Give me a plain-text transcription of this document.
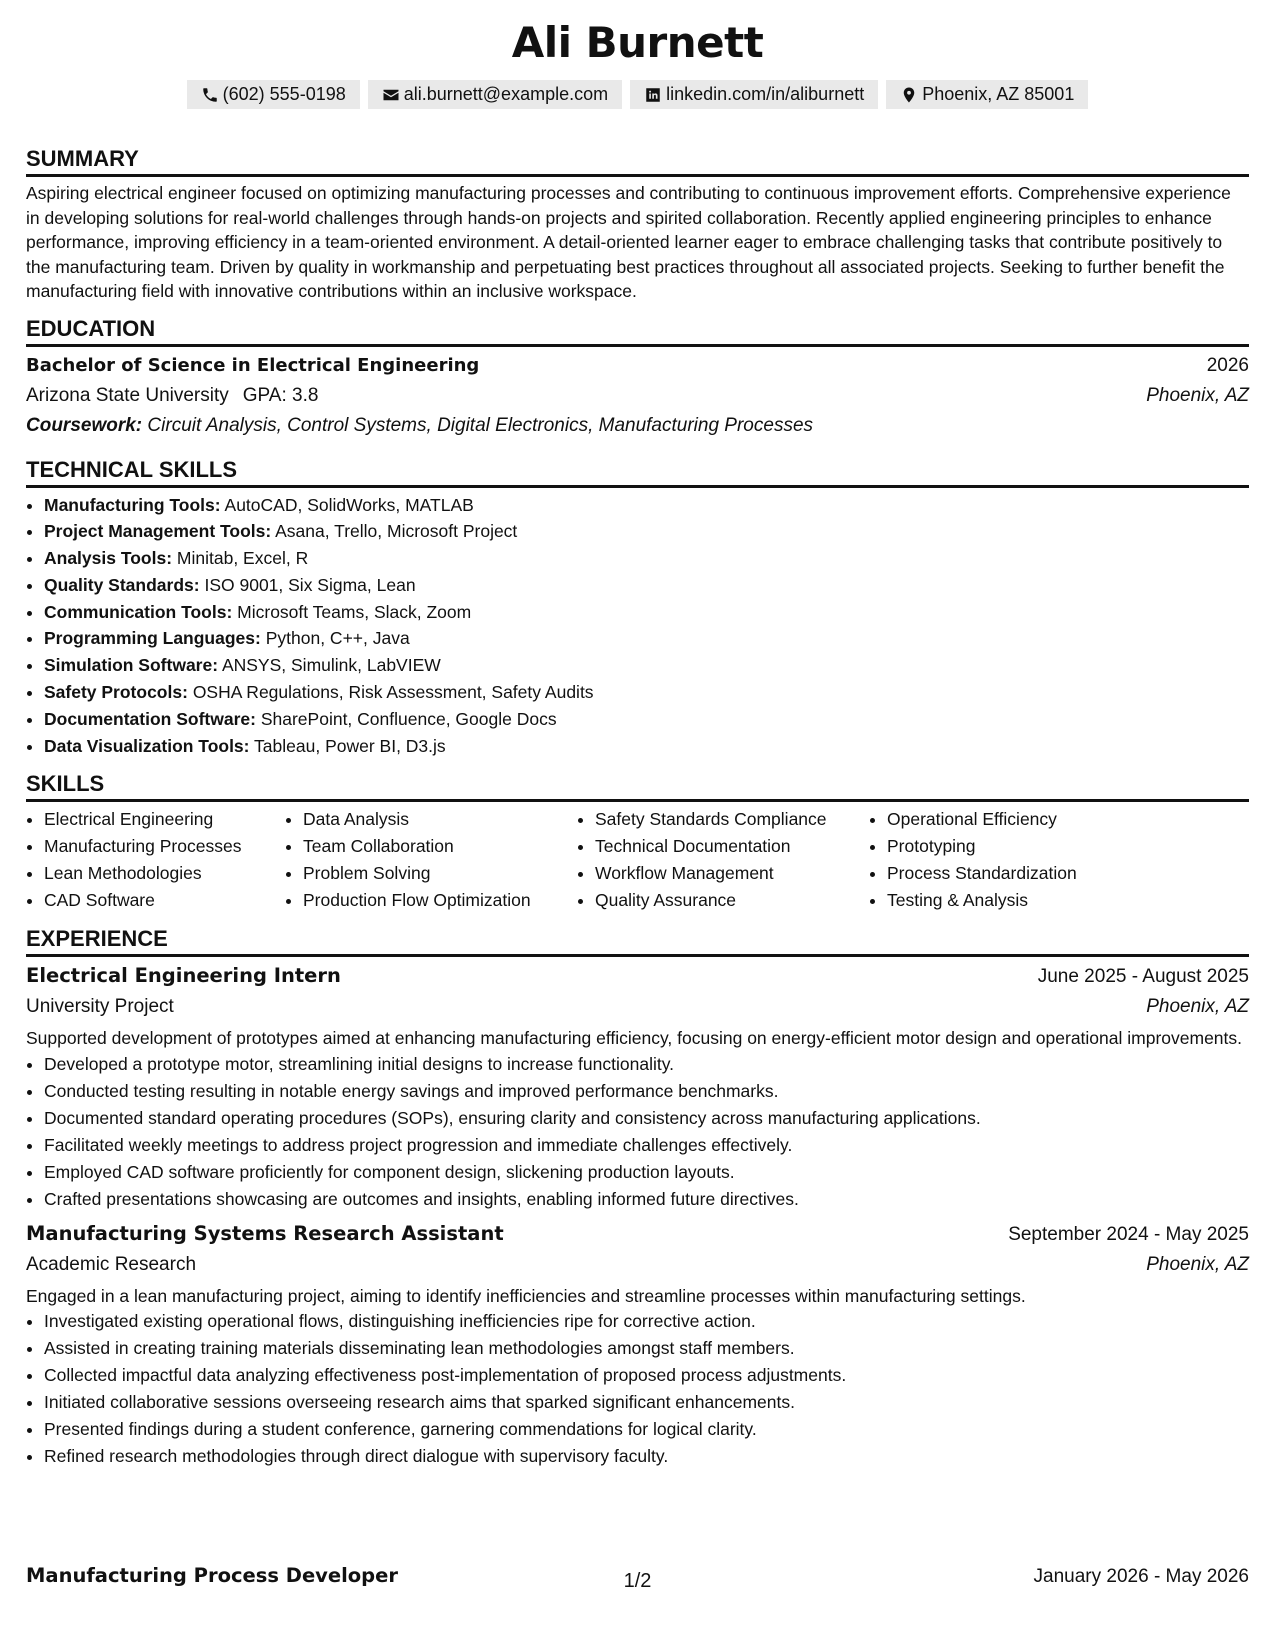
Ali Burnett
(602) 555-0198	ali.burnett@example.com	linkedin.com/in/aliburnett	Phoenix, AZ 85001
SUMMARY

Aspiring electrical engineer focused on optimizing manufacturing processes and contributing to continuous improvement efforts. Comprehensive experience in developing solutions for real-world challenges through hands-on projects and spirited collaboration. Recently applied engineering principles to enhance performance, improving efficiency in a team-oriented environment. A detail-oriented learner eager to embrace challenging tasks that contribute positively to the manufacturing team. Driven by quality in workmanship and perpetuating best practices throughout all associated projects. Seeking to further benefit the manufacturing field with innovative contributions within an inclusive workspace.

EDUCATION
Bachelor of Science in Electrical Engineering	2026
Arizona State University GPA: 3.8	Phoenix, AZ
Coursework: Circuit Analysis, Control Systems, Digital Electronics, Manufacturing Processes
TECHNICAL SKILLS
• Manufacturing Tools: AutoCAD, SolidWorks, MATLAB
• Project Management Tools: Asana, Trello, Microsoft Project
• Analysis Tools: Minitab, Excel, R
• Quality Standards: ISO 9001, Six Sigma, Lean
• Communication Tools: Microsoft Teams, Slack, Zoom
• Programming Languages: Python, C++, Java
• Simulation Software: ANSYS, Simulink, LabVIEW
• Safety Protocols: OSHA Regulations, Risk Assessment, Safety Audits
• Documentation Software: SharePoint, Confluence, Google Docs
• Data Visualization Tools: Tableau, Power BI, D3.js
SKILLS
• Electrical Engineering
• Manufacturing Processes
• Lean Methodologies
• CAD Software
• Data Analysis
• Team Collaboration
• Problem Solving
• Production Flow Optimization
• Safety Standards Compliance
• Technical Documentation
• Workflow Management
• Quality Assurance
• Operational Efficiency
• Prototyping
• Process Standardization
• Testing & Analysis
EXPERIENCE
Electrical Engineering Intern	June 2025 - August 2025
University Project	Phoenix, AZ

Supported development of prototypes aimed at enhancing manufacturing efficiency, focusing on energy-efficient motor design and operational improvements.

• Developed a prototype motor, streamlining initial designs to increase functionality.
• Conducted testing resulting in notable energy savings and improved performance benchmarks.
• Documented standard operating procedures (SOPs), ensuring clarity and consistency across manufacturing applications.
• Facilitated weekly meetings to address project progression and immediate challenges effectively.
• Employed CAD software proficiently for component design, slickening production layouts.
• Crafted presentations showcasing are outcomes and insights, enabling informed future directives.
Manufacturing Systems Research Assistant	September 2024 - May 2025
Academic Research	Phoenix, AZ

Engaged in a lean manufacturing project, aiming to identify inefficiencies and streamline processes within manufacturing settings.

• Investigated existing operational flows, distinguishing inefficiencies ripe for corrective action.
• Assisted in creating training materials disseminating lean methodologies amongst staff members.
• Collected impactful data analyzing effectiveness post-implementation of proposed process adjustments.
• Initiated collaborative sessions overseeing research aims that sparked significant enhancements.
• Presented findings during a student conference, garnering commendations for logical clarity.
• Refined research methodologies through direct dialogue with supervisory faculty.
Manufacturing Process Developer	January 2026 - May 2026
1/2
